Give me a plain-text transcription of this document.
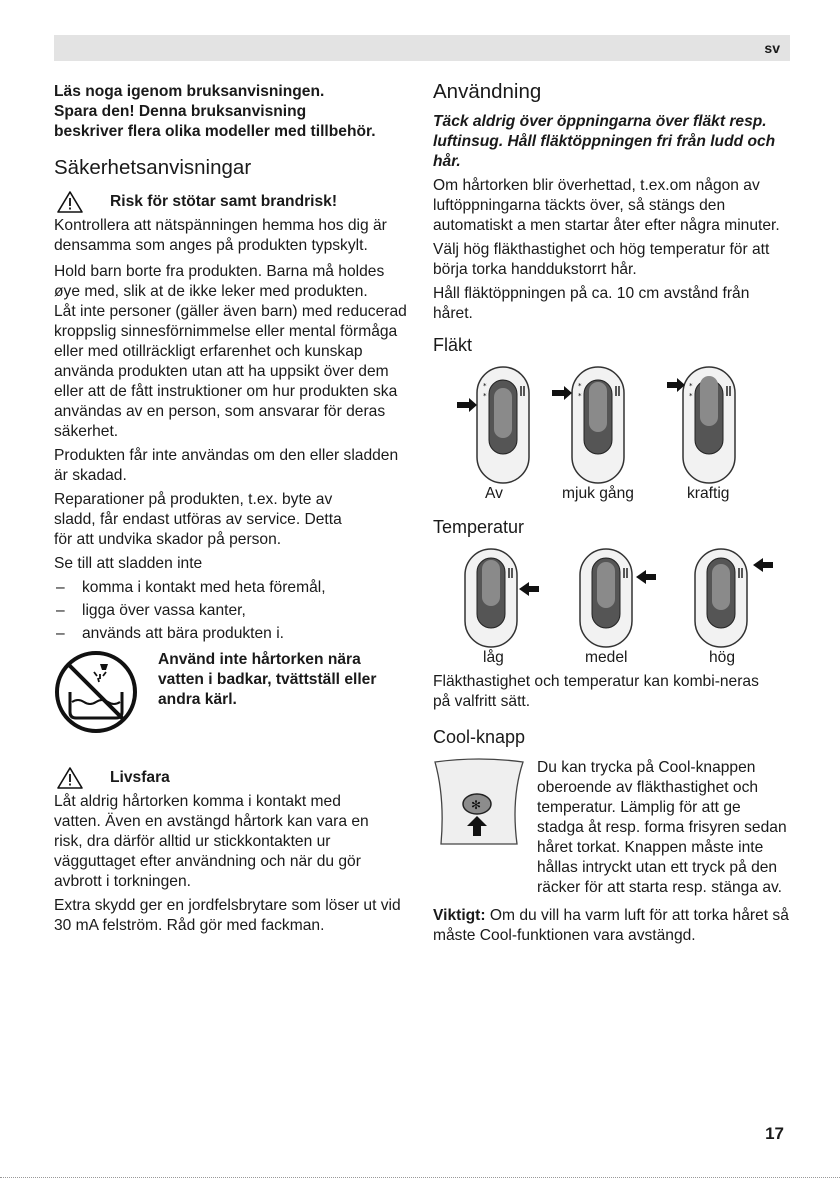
sv
Läs noga igenom bruksanvisningen.
Spara den! Denna bruksanvisning
beskriver flera olika modeller med tillbehör.
Säkerhetsanvisningar
Risk för stötar samt brandrisk!

Kontrollera att nätspänningen hemma hos dig är densamma som anges på produkten typskylt.

Hold barn borte fra produkten. Barna må holdes øye med, slik at de ikke leker med produkten.

Låt inte personer (gäller även barn) med reducerad kroppslig sinnesförnimmelse eller mental förmåga eller med otillräckligt erfarenhet och kunskap använda produkten utan att ha uppsikt över dem eller att de fått instruktioner om hur produkten ska användas av en person, som ansvarar för deras säkerhet.

Produkten får inte användas om den eller sladden är skadad.

Reparationer på produkten, t.ex. byte av sladd, får endast utföras av service. Detta för att undvika skador på person.

Se till att sladden inte

– komma i kontakt med heta föremål,
– ligga över vassa kanter,
– används att bära produkten i.
Använd inte hårtorken nära vatten i badkar, tvättställ eller andra kärl.
Livsfara

Låt aldrig hårtorken komma i kontakt med vatten. Även en avstängd hårtork kan vara en risk, dra därför alltid ur stickkontakten ur vägguttaget efter användning och när du gör avbrott i torkningen.

Extra skydd ger en jordfelsbrytare som löser ut vid 30 mA felström. Råd gör med fackman.

Användning
Täck aldrig över öppningarna över fläkt resp. luftinsug. Håll fläktöppningen fri från ludd och hår.

Om hårtorken blir överhettad, t.ex.om någon av luftöppningarna täckts över, så stängs den automatiskt a men startar åter efter några minuter.

Välj hög fläkthastighet och hög temperatur för att börja torka handdukstorrt hår.

Håll fläktöppningen på ca. 10 cm avstånd från håret.

Fläkt
*
*
*
*
*
*
Av	mjuk gång	kraftig
Temperatur
låg	medel	hög

Fläkthastighet och temperatur kan kombi-neras på valfritt sätt.

Cool-knapp
✻
Du kan trycka på Cool-knappen oberoende av fläkthastighet och temperatur. Lämplig för att ge stadga åt resp. forma frisyren sedan håret torkat. Knappen måste inte hållas intryckt utan ett tryck på den räcker för att starta resp. stänga av.

Viktigt: Om du vill ha varm luft för att torka håret så måste Cool-funktionen vara avstängd.

17
